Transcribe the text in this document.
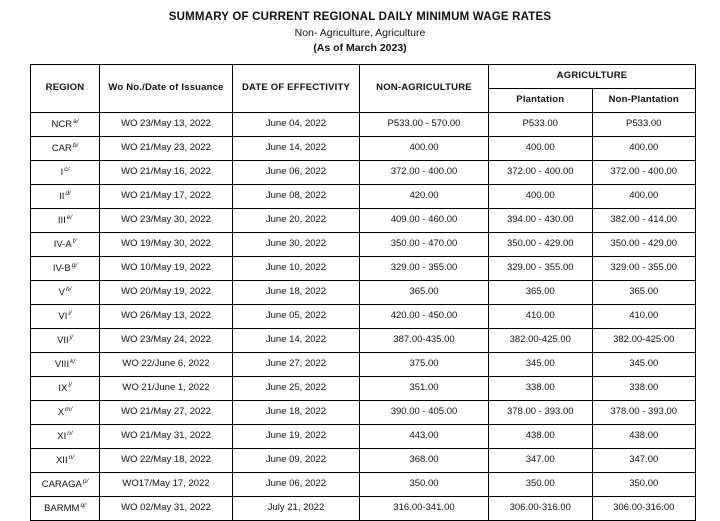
SUMMARY OF CURRENT REGIONAL DAILY MINIMUM WAGE RATES
Non- Agriculture, Agriculture
(As of March 2023)
REGION	Wo No./Date of Issuance	DATE OF EFFECTIVITY	NON-AGRICULTURE	AGRICULTURE	
				Plantation	Non-Plantation
NCR$^{a/}$	WO 23/May 13, 2022	June 04, 2022	P533.00 - 570.00	P533.00	P533.00
CAR$^{b/}$	WO 21/May 23, 2022	June 14, 2022	400.00	400.00	400.00
I$^{c/}$	WO 21/May 16, 2022	June 06, 2022	372.00 - 400.00	372.00 - 400.00	372.00 - 400.00
II$^{d/}$	WO 21/May 17, 2022	June 08, 2022	420.00	400.00	400.00
III$^{e/}$	WO 23/May 30, 2022	June 20, 2022	409.00 - 460.00	394.00 - 430.00	382.00 - 414.00
IV-A$^{f/}$	WO 19/May 30, 2022	June 30, 2022	350.00 - 470.00	350.00 - 429.00	350.00 - 429.00
IV-B$^{g/}$	WO 10/May 19, 2022	June 10, 2022	329.00 - 355.00	329.00 - 355.00	329.00 - 355.00
V$^{h/}$	WO 20/May 19, 2022	June 18, 2022	365.00	365.00	365.00
VI$^{i/}$	WO 26/May 13, 2022	June 05, 2022	420.00 - 450.00	410.00	410.00
VII$^{j/}$	WO 23/May 24, 2022	June 14, 2022	387.00-435.00	382.00-425.00	382.00-425.00
VIII$^{k/}$	WO 22/June 6, 2022	June 27, 2022	375.00	345.00	345.00
IX$^{l/}$	WO 21/June 1, 2022	June 25, 2022	351.00	338.00	338.00
X$^{m/}$	WO 21/May 27, 2022	June 18, 2022	390.00 - 405.00	378.00 - 393.00	378.00 - 393.00
XI$^{n/}$	WO 21/May 31, 2022	June 19, 2022	443.00	438.00	438.00
XII$^{o/}$	WO 22/May 18, 2022	June 09, 2022	368.00	347.00	347.00
CARAGA$^{p/}$	WO17/May 17, 2022	June 06, 2022	350.00	350.00	350.00
BARMM$^{q/}$	WO 02/May 31, 2022	July 21, 2022	316.00-341.00	306.00-316.00	306.00-316.00
